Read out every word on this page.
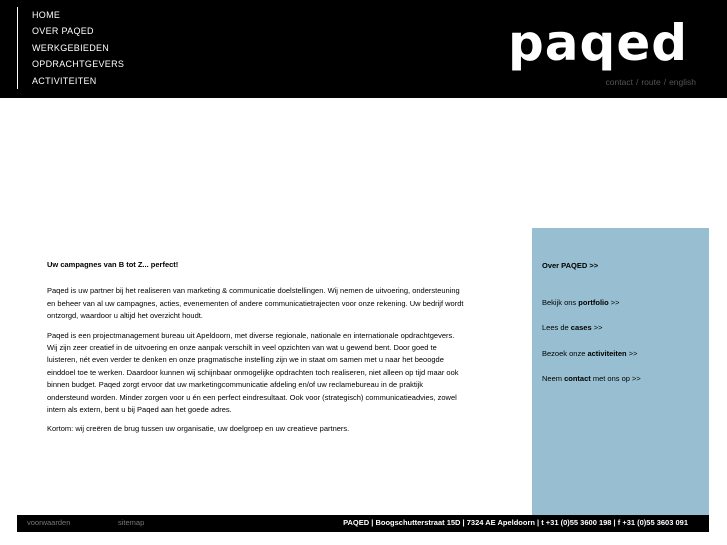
HOME
OVER PAQED
WERKGEBIEDEN
OPDRACHTGEVERS
ACTIVITEITEN
paqed
contact / route / english

Uw campagnes van B tot Z... perfect!

Paqed is uw partner bij het realiseren van marketing & communicatie doelstellingen. Wij nemen de uitvoering, ondersteuning en beheer van al uw campagnes, acties, evenementen of andere communicatietrajecten voor onze rekening. Uw bedrijf wordt ontzorgd, waardoor u altijd het overzicht houdt.

Paqed is een projectmanagement bureau uit Apeldoorn, met diverse regionale, nationale en internationale opdrachtgevers. Wij zijn zeer creatief in de uitvoering en onze aanpak verschilt in veel opzichten van wat u gewend bent. Door goed te luisteren, nét even verder te denken en onze pragmatische instelling zijn we in staat om samen met u naar het beoogde einddoel toe te werken. Daardoor kunnen wij schijnbaar onmogelijke opdrachten toch realiseren, niet alleen op tijd maar ook binnen budget. Paqed zorgt ervoor dat uw marketingcommunicatie afdeling en/of uw reclamebureau in de praktijk ondersteund worden. Minder zorgen voor u én een perfect eindresultaat. Ook voor (strategisch) communicatieadvies, zowel intern als extern, bent u bij Paqed aan het goede adres.

Kortom: wij creëren de brug tussen uw organisatie, uw doelgroep en uw creatieve partners.

Over PAQED >>
Bekijk ons portfolio >>
Lees de cases >>
Bezoek onze activiteiten >>
Neem contact met ons op >>
voorwaarden	sitemap	PAQED | Boogschutterstraat 15D | 7324 AE Apeldoorn | t +31 (0)55 3600 198 | f +31 (0)55 3603 091
